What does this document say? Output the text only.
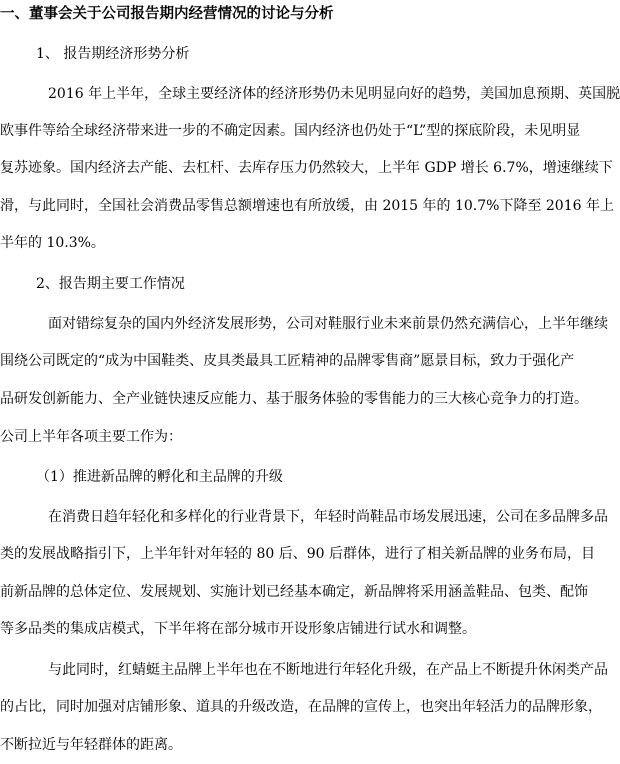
一、董事会关于公司报告期内经营情况的讨论与分析
1、 报告期经济形势分析
2016 年上半年，全球主要经济体的经济形势仍未见明显向好的趋势，美国加息预期、英国脱
欧事件等给全球经济带来进一步的不确定因素。国内经济也仍处于“L”型的探底阶段，未见明显
复苏迹象。国内经济去产能、去杠杆、去库存压力仍然较大，上半年 GDP 增长 6.7%，增速继续下
滑，与此同时，全国社会消费品零售总额增速也有所放缓，由 2015 年的 10.7%下降至 2016 年上
半年的 10.3%。
2、报告期主要工作情况
面对错综复杂的国内外经济发展形势，公司对鞋服行业未来前景仍然充满信心，上半年继续
围绕公司既定的“成为中国鞋类、皮具类最具工匠精神的品牌零售商”愿景目标，致力于强化产
品研发创新能力、全产业链快速反应能力、基于服务体验的零售能力的三大核心竞争力的打造。
公司上半年各项主要工作为：
（1）推进新品牌的孵化和主品牌的升级
在消费日趋年轻化和多样化的行业背景下，年轻时尚鞋品市场发展迅速，公司在多品牌多品
类的发展战略指引下，上半年针对年轻的 80 后、90 后群体，进行了相关新品牌的业务布局，目
前新品牌的总体定位、发展规划、实施计划已经基本确定，新品牌将采用涵盖鞋品、包类、配饰
等多品类的集成店模式，下半年将在部分城市开设形象店铺进行试水和调整。
与此同时，红蜻蜓主品牌上半年也在不断地进行年轻化升级，在产品上不断提升休闲类产品
的占比，同时加强对店铺形象、道具的升级改造，在品牌的宣传上，也突出年轻活力的品牌形象，
不断拉近与年轻群体的距离。
